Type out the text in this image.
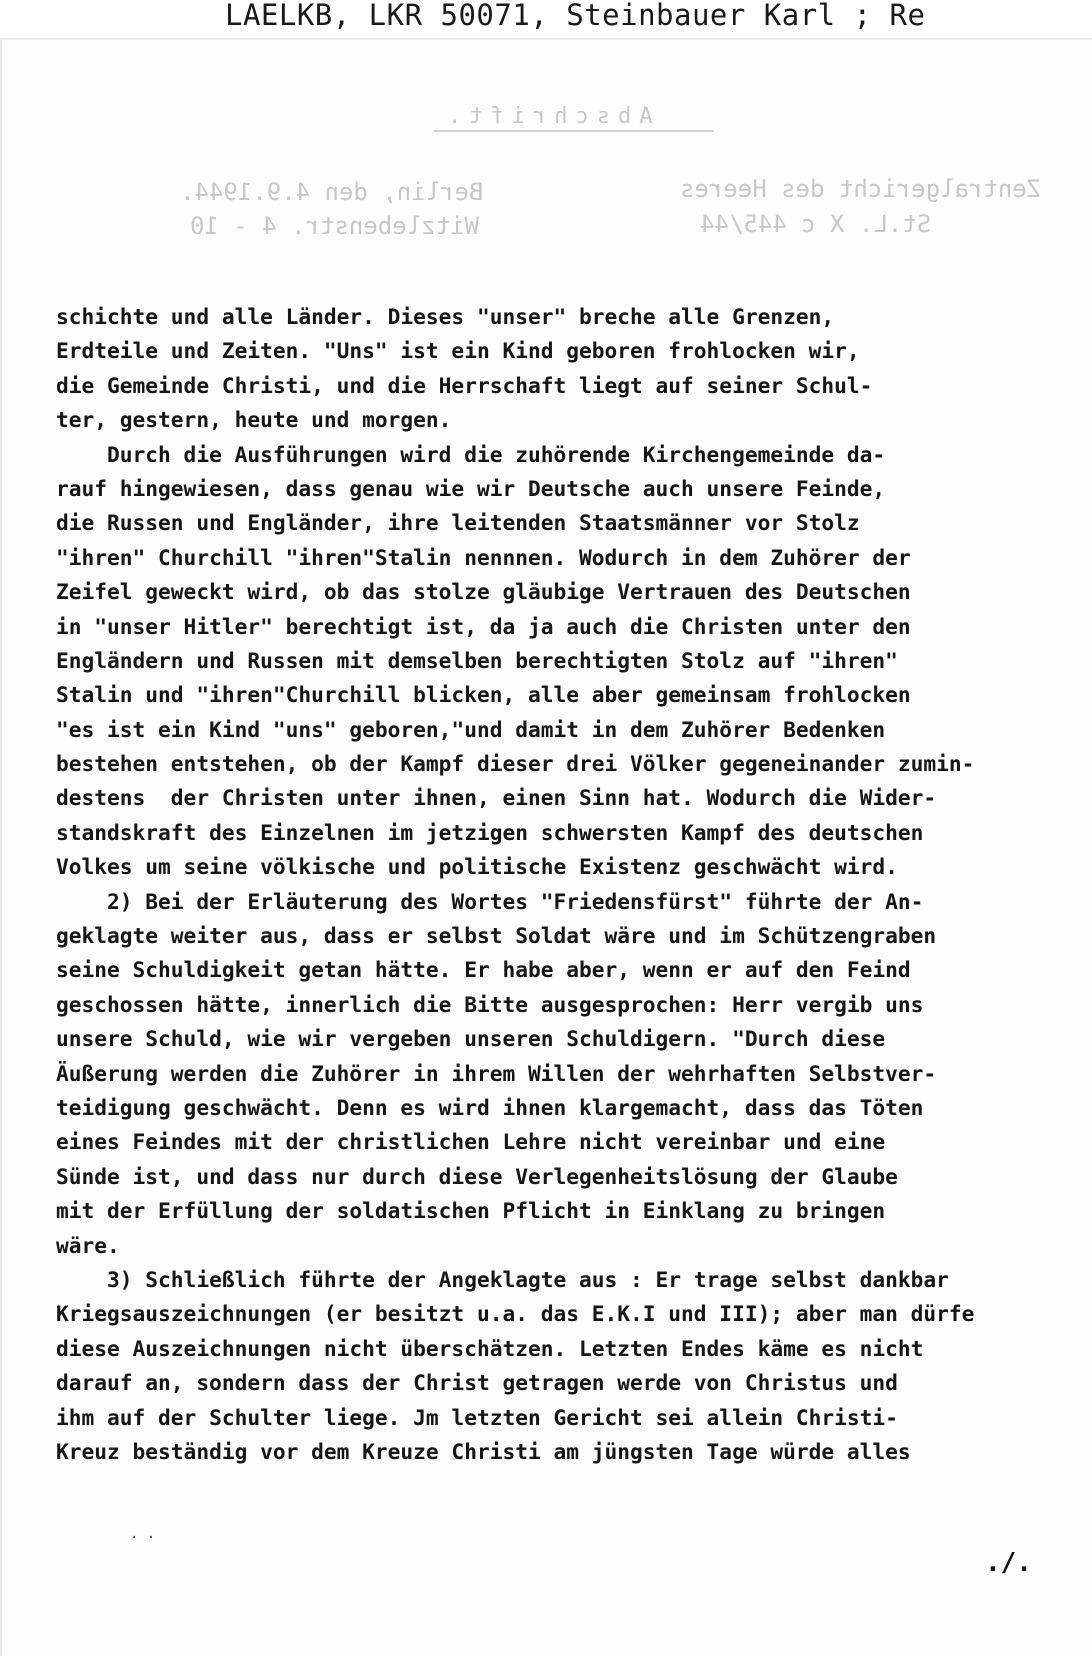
LAELKB, LKR 50071, Steinbauer Karl ; Re
Abschrift.
Zentralgericht des Heeres
St.L. X c 445/44
Berlin, den 4.9.1944.
Witzlebenstr. 4 - 10
schichte und alle Länder. Dieses "unser" breche alle Grenzen,
Erdteile und Zeiten. "Uns" ist ein Kind geboren frohlocken wir,
die Gemeinde Christi, und die Herrschaft liegt auf seiner Schul-
ter, gestern, heute und morgen.
Durch die Ausführungen wird die zuhörende Kirchengemeinde da-
rauf hingewiesen, dass genau wie wir Deutsche auch unsere Feinde,
die Russen und Engländer, ihre leitenden Staatsmänner vor Stolz
"ihren" Churchill "ihren"Stalin nennnen. Wodurch in dem Zuhörer der
Zeifel geweckt wird, ob das stolze gläubige Vertrauen des Deutschen
in "unser Hitler" berechtigt ist, da ja auch die Christen unter den
Engländern und Russen mit demselben berechtigten Stolz auf "ihren"
Stalin und "ihren"Churchill blicken, alle aber gemeinsam frohlocken
"es ist ein Kind "uns" geboren,"und damit in dem Zuhörer Bedenken
bestehen entstehen, ob der Kampf dieser drei Völker gegeneinander zumin-
destens  der Christen unter ihnen, einen Sinn hat. Wodurch die Wider-
standskraft des Einzelnen im jetzigen schwersten Kampf des deutschen
Volkes um seine völkische und politische Existenz geschwächt wird.
2) Bei der Erläuterung des Wortes "Friedensfürst" führte der An-
geklagte weiter aus, dass er selbst Soldat wäre und im Schützengraben
seine Schuldigkeit getan hätte. Er habe aber, wenn er auf den Feind
geschossen hätte, innerlich die Bitte ausgesprochen: Herr vergib uns
unsere Schuld, wie wir vergeben unseren Schuldigern. "Durch diese
Äußerung werden die Zuhörer in ihrem Willen der wehrhaften Selbstver-
teidigung geschwächt. Denn es wird ihnen klargemacht, dass das Töten
eines Feindes mit der christlichen Lehre nicht vereinbar und eine
Sünde ist, und dass nur durch diese Verlegenheitslösung der Glaube
mit der Erfüllung der soldatischen Pflicht in Einklang zu bringen
wäre.
3) Schließlich führte der Angeklagte aus : Er trage selbst dankbar
Kriegsauszeichnungen (er besitzt u.a. das E.K.I und III); aber man dürfe
diese Auszeichnungen nicht überschätzen. Letzten Endes käme es nicht
darauf an, sondern dass der Christ getragen werde von Christus und
ihm auf der Schulter liege. Jm letzten Gericht sei allein Christi-
Kreuz beständig vor dem Kreuze Christi am jüngsten Tage würde alles
· ·
./.
